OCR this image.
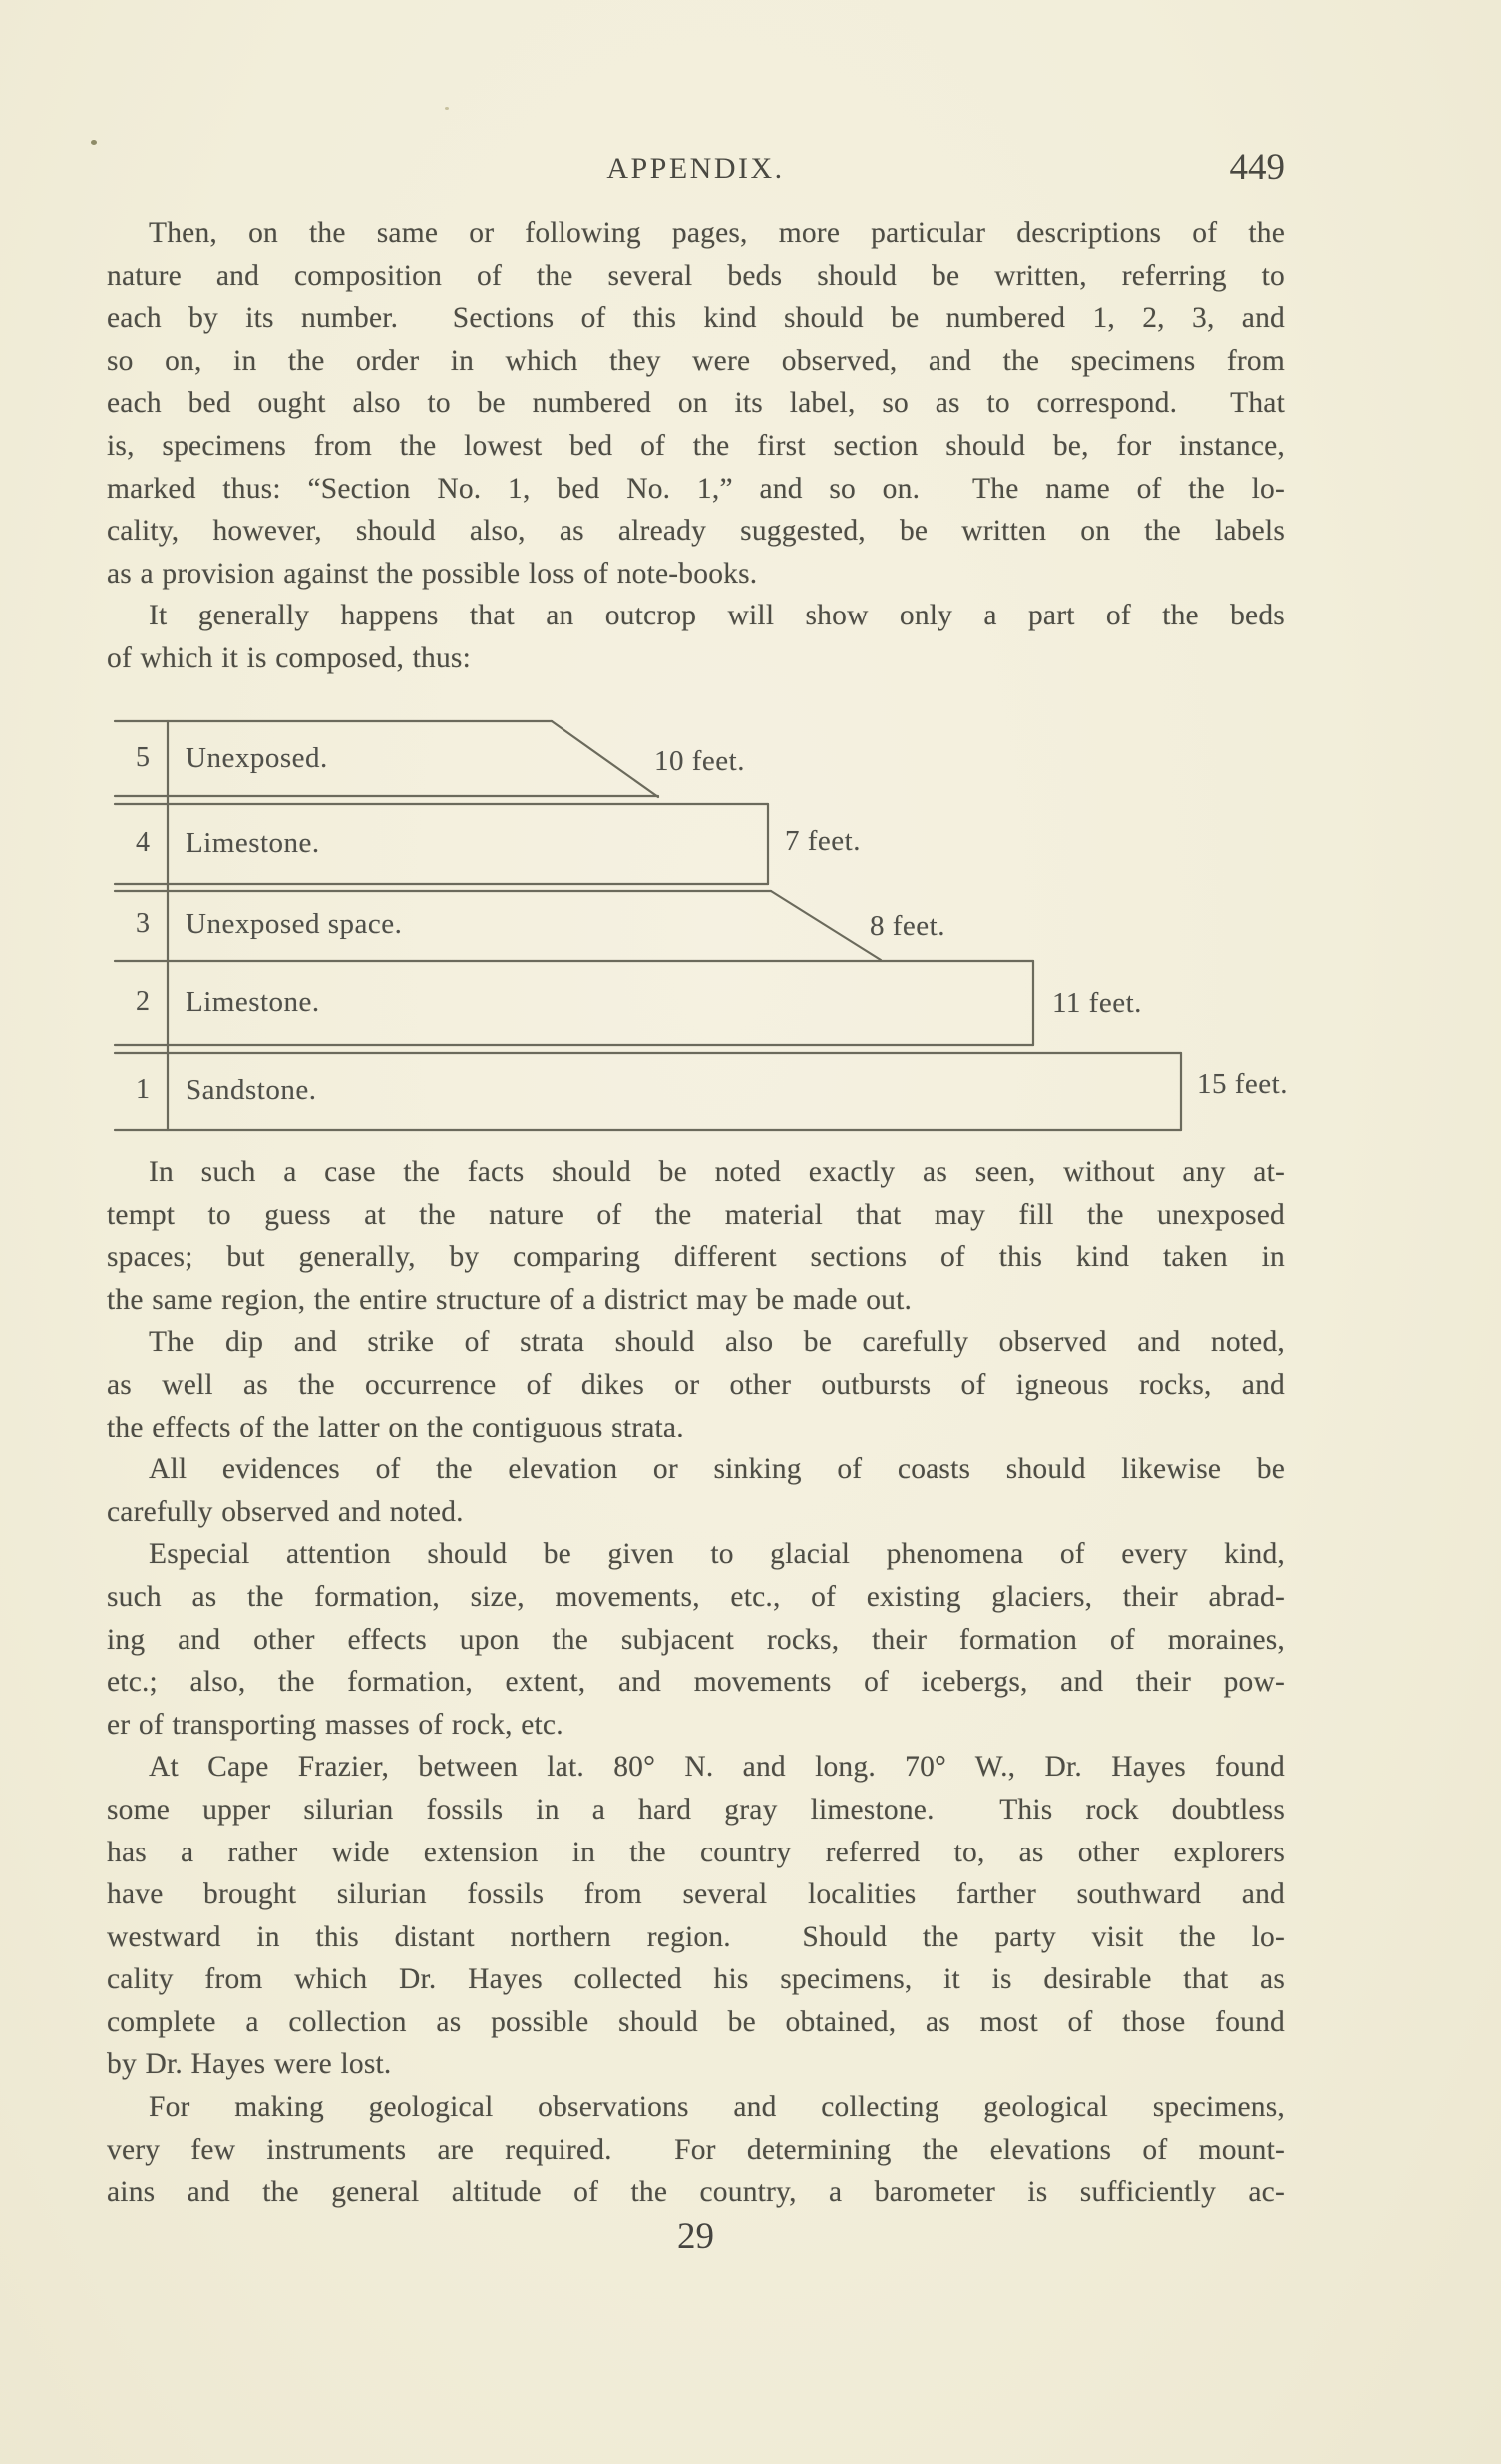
APPENDIX.	449
Then, on the same or following pages, more particular descriptions of the
nature and composition of the several beds should be written, referring to
each by its number.  Sections of this kind should be numbered 1, 2, 3, and
so on, in the order in which they were observed, and the specimens from
each bed ought also to be numbered on its label, so as to correspond.  That
is, specimens from the lowest bed of the first section should be, for instance,
marked thus: “Section No. 1, bed No. 1,” and so on.  The name of the lo-
cality, however, should also, as already suggested, be written on the labels
as a provision against the possible loss of note-books.
It generally happens that an outcrop will show only a part of the beds
of which it is composed, thus:
5
4
3
2
1
Unexposed.
Limestone.
Unexposed space.
Limestone.
Sandstone.
10 feet.
7 feet.
8 feet.
11 feet.
15 feet.
In such a case the facts should be noted exactly as seen, without any at-
tempt to guess at the nature of the material that may fill the unexposed
spaces; but generally, by comparing different sections of this kind taken in
the same region, the entire structure of a district may be made out.
The dip and strike of strata should also be carefully observed and noted,
as well as the occurrence of dikes or other outbursts of igneous rocks, and
the effects of the latter on the contiguous strata.
All evidences of the elevation or sinking of coasts should likewise be
carefully observed and noted.
Especial attention should be given to glacial phenomena of every kind,
such as the formation, size, movements, etc., of existing glaciers, their abrad-
ing and other effects upon the subjacent rocks, their formation of moraines,
etc.; also, the formation, extent, and movements of icebergs, and their pow-
er of transporting masses of rock, etc.
At Cape Frazier, between lat. 80° N. and long. 70° W., Dr. Hayes found
some upper silurian fossils in a hard gray limestone.  This rock doubtless
has a rather wide extension in the country referred to, as other explorers
have brought silurian fossils from several localities farther southward and
westward in this distant northern region.  Should the party visit the lo-
cality from which Dr. Hayes collected his specimens, it is desirable that as
complete a collection as possible should be obtained, as most of those found
by Dr. Hayes were lost.
For making geological observations and collecting geological specimens,
very few instruments are required.  For determining the elevations of mount-
ains and the general altitude of the country, a barometer is sufficiently ac-
29
